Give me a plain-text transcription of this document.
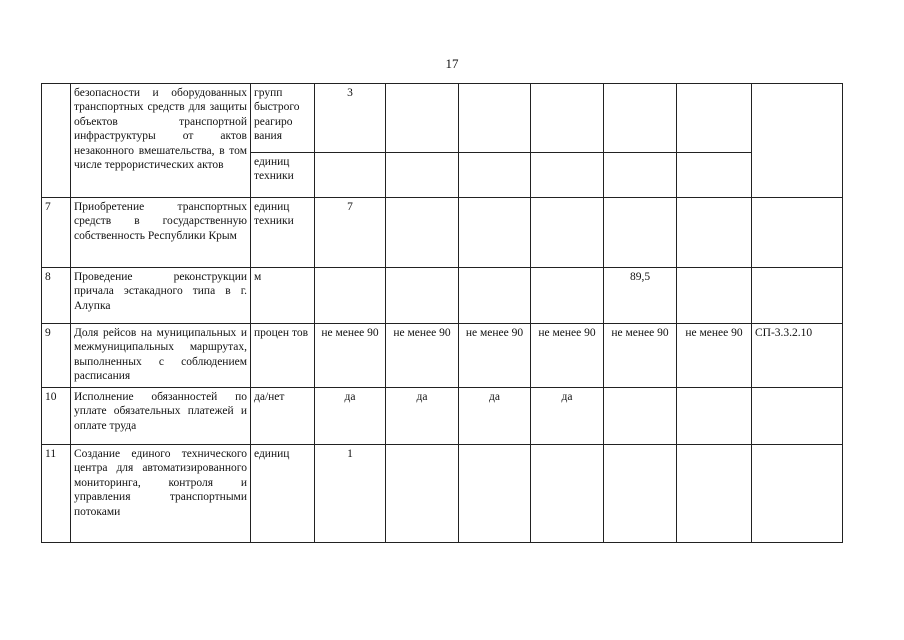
17
	безопасности и оборудованных транспортных средств для защиты объектов транспортной инфраструктуры от актов незаконного вмешательства, в том числе террористических актов	групп быстрого реагиро вания	3						
		единиц техники							
7	Приобретение транспортных средств в государственную собственность Республики Крым	единиц техники	7						
8	Проведение реконструкции причала эстакадного типа в г. Алупка	м					89,5		
9	Доля рейсов на муниципальных и межмуниципальных маршрутах, выполненных с соблюдением расписания	процен тов	не менее 90	не менее 90	не менее 90	не менее 90	не менее 90	не менее 90	СП-3.3.2.10
10	Исполнение обязанностей по уплате обязательных платежей и оплате труда	да/нет	да	да	да	да			
11	Создание единого технического центра для автоматизированного мониторинга, контроля и управления транспортными потоками	единиц	1						
